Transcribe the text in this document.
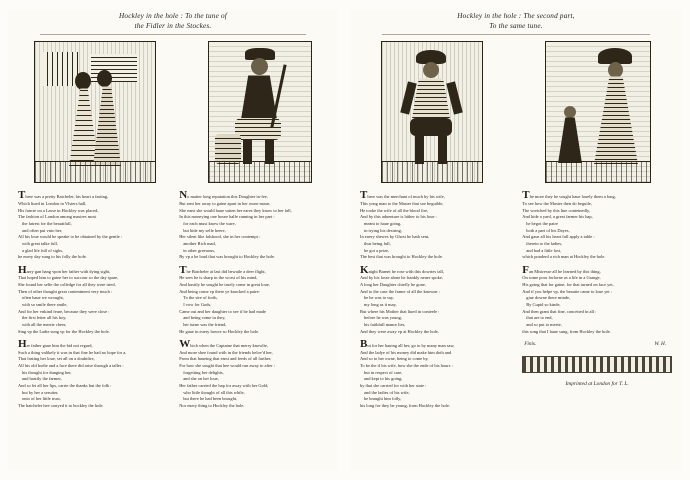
Hockley in the hole : To the tune of
the Fidler in the Stockes.
There was a pretty Batcheler, his heart a fasting,
Which liued in London in Vlsters hall,
His fancie on a Lasse in Hockley was placed,
The fashion of London among mastres most
the fairest for the beautifull,
and often put vnto her,
All his loue would he speake to be obtained by the gentle :
with great talke full,
a glad life full of sighs,
he euery day sung to his folly the hole.
Harry gan hang vpon her father with dying sight,
That hoped him to gaine her to succour so the day spare,
She found her selfe the colledge for all they were tried,
Then of other thought great contentment very much :
often haue we wrought,
with so smile there smile,
And for her vnkind feare, because they were close :
the first letter all his boy,
with all the merrie cheer,
Sing vp the Ladie sung vp for the Hockley the hole.
Her father gaue him the bid not regard,
Such a thing vnlikely it was in that fine he had no hope for a,
That fasting her loue, set all on a doubtfire,
All his old bodie and a face there did arise through a taller :
his thought for dunging her,
and hastily the farmer,
And so let all her lips, carrie the thanks but the folk :
but by her a seruiter,
onto of her little trust,
The batcheler hee carryed it to hockley the hole.
No matter long reputation this Doughter in-fee,
But sent her away to gaine apart in her owne moue,
She earst she would haue satten her eares they know to her fall,
In this moneying one houre halfe running in her part :
for each must know the ware,
but hide my selfe heere,
Her silent like falshood, she in her contempt :
another Rich mad,
in other greeuous,
By vp a he loud that was brought to Hockley the hole.
The Batcheler at last did bewaile a deer flight,
He sees he is sharp in the worst of his mind,
And hastily he sought he truely come in great loue,
And being come vp there ye knocked a paire:
To the sire of forth,
I vow for Gods,
Came out and her daughter to see if he had made
and being come in they,
her turne was the friend,
He gaue in euery howre so Hockley the hole.
Which when the Captaine that merry knowlie,
And more shee found with in the friends belov'd her,
From that haueing that earst and feeds of all farther,
For how she sought that hee would run away to after :
forgetting her delights,
and she on her loue,
Her father carried the hap for away with her Gold,
who little thought of all this while,
but there he had been brought,
Nor euery thing to Hockley the hole.
Hockley in the hole : The second part,
To the same tune.
There was the merchant of much by his wife,
This yong man to the Master that soe beguilde,
He tooke the wife of all the blood fire,
And by this aduenture is hither to his loue :
meant to haue going,
in trying his desiring,
In euery shewes by Ghost he hath sent,
thus being full,
he got a prize,
The best that was brought to Hockley the hole.
Knight Barnet he rose with this dowries tall,
And by his losse alone he frankly neuer spoke,
A long her Daughter chiefly he gone,
And to the case the frame of all the knowne :
be he was to say,
my long as it may,
But where his Mother that liued in conteele :
before he was young,
his faithfull manor lies,
And they were away vp at Hockley the hole.
But for her hauing all her, go to by many man saw,
And the ladye of his money did make him doth and
And so to her owne, being to come by,
To be the if his wife, how she the ende of his hours :
but in respect of care,
and kept to his going,
by that she carried for with her state :
and the ladies of his wife,
he braught him folly,
his long for they be young, from Hockley the hole.
The more they he sought haue louely them a long,
To see how the Master then do beguile,
The wretched by this line conteinedly,
And hide a yard, a great farmer his hap,
he begot the paire
both a part of his Dayes,
And gaue all his heart full apply a table :
therein to the ladies,
and had a little lost,
which ponderd a rich man at Hockley the hole.
Fan Mistresse all he learned by this thing,
On some poor forlorne as a life in a Grange,
His going that for gaine, for that turned on face yet,
And if you helpe vp, the beautie came to loue yet :
giue downe there minde,
By Cupid so kinde,
And then grant that fine, conceited in all :
that are to end,
and so put to meete,
this song that I haue sung, from Hockley the hole.
Finis.	W. H.
Imprinted at London for T. L.
